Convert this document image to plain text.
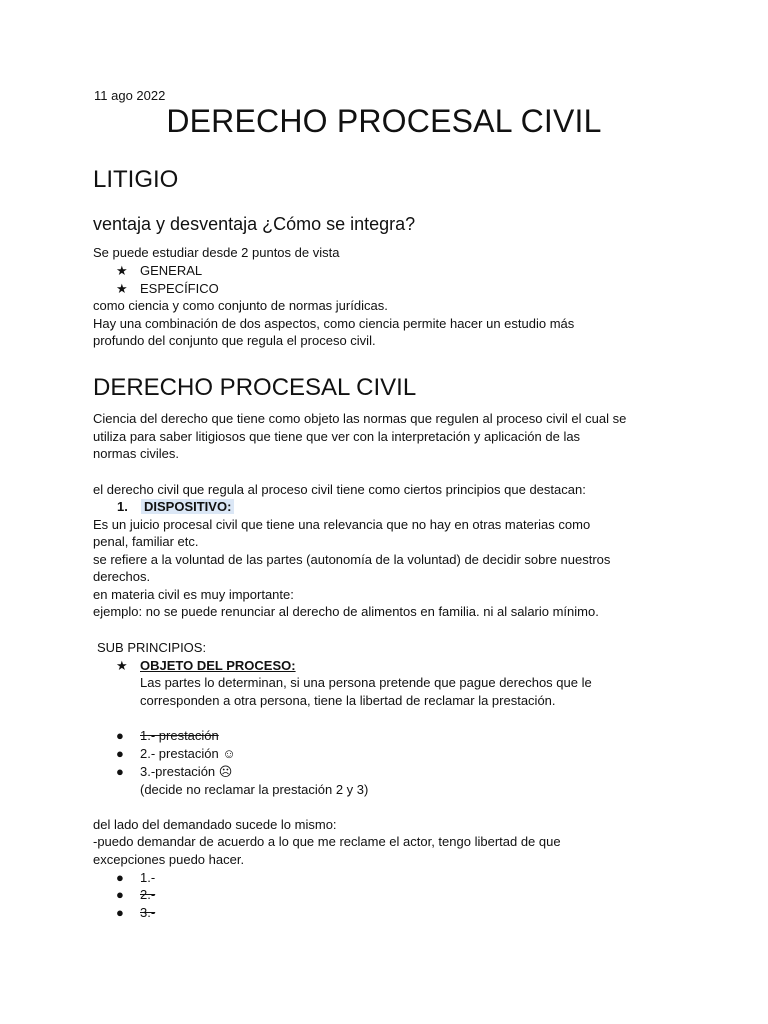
11 ago 2022
DERECHO PROCESAL CIVIL
LITIGIO
ventaja y desventaja ¿Cómo se integra?
Se puede estudiar desde 2 puntos de vista
★ GENERAL
★ ESPECÍFICO
como ciencia y como conjunto de normas jurídicas.
Hay una combinación de dos aspectos, como ciencia permite hacer un estudio más
profundo del conjunto que regula el proceso civil.
DERECHO PROCESAL CIVIL
Ciencia del derecho que tiene como objeto las normas que regulen al proceso civil el cual se
utiliza para saber litigiosos que tiene que ver con la interpretación y aplicación de las
normas civiles.
el derecho civil que regula al proceso civil tiene como ciertos principios que destacan:
1. DISPOSITIVO:
Es un juicio procesal civil que tiene una relevancia que no hay en otras materias como
penal, familiar etc.
se refiere a la voluntad de las partes (autonomía de la voluntad) de decidir sobre nuestros
derechos.
en materia civil es muy importante:
ejemplo: no se puede renunciar al derecho de alimentos en familia. ni al salario mínimo.
SUB PRINCIPIOS:
★ OBJETO DEL PROCESO:
Las partes lo determinan, si una persona pretende que pague derechos que le
corresponden a otra persona, tiene la libertad de reclamar la prestación.
● 1.- prestación
● 2.- prestación ☺
● 3.-prestación ☹
(decide no reclamar la prestación 2 y 3)
del lado del demandado sucede lo mismo:
-puedo demandar de acuerdo a lo que me reclame el actor, tengo libertad de que
excepciones puedo hacer.
● 1.-
● 2.-
● 3.-
